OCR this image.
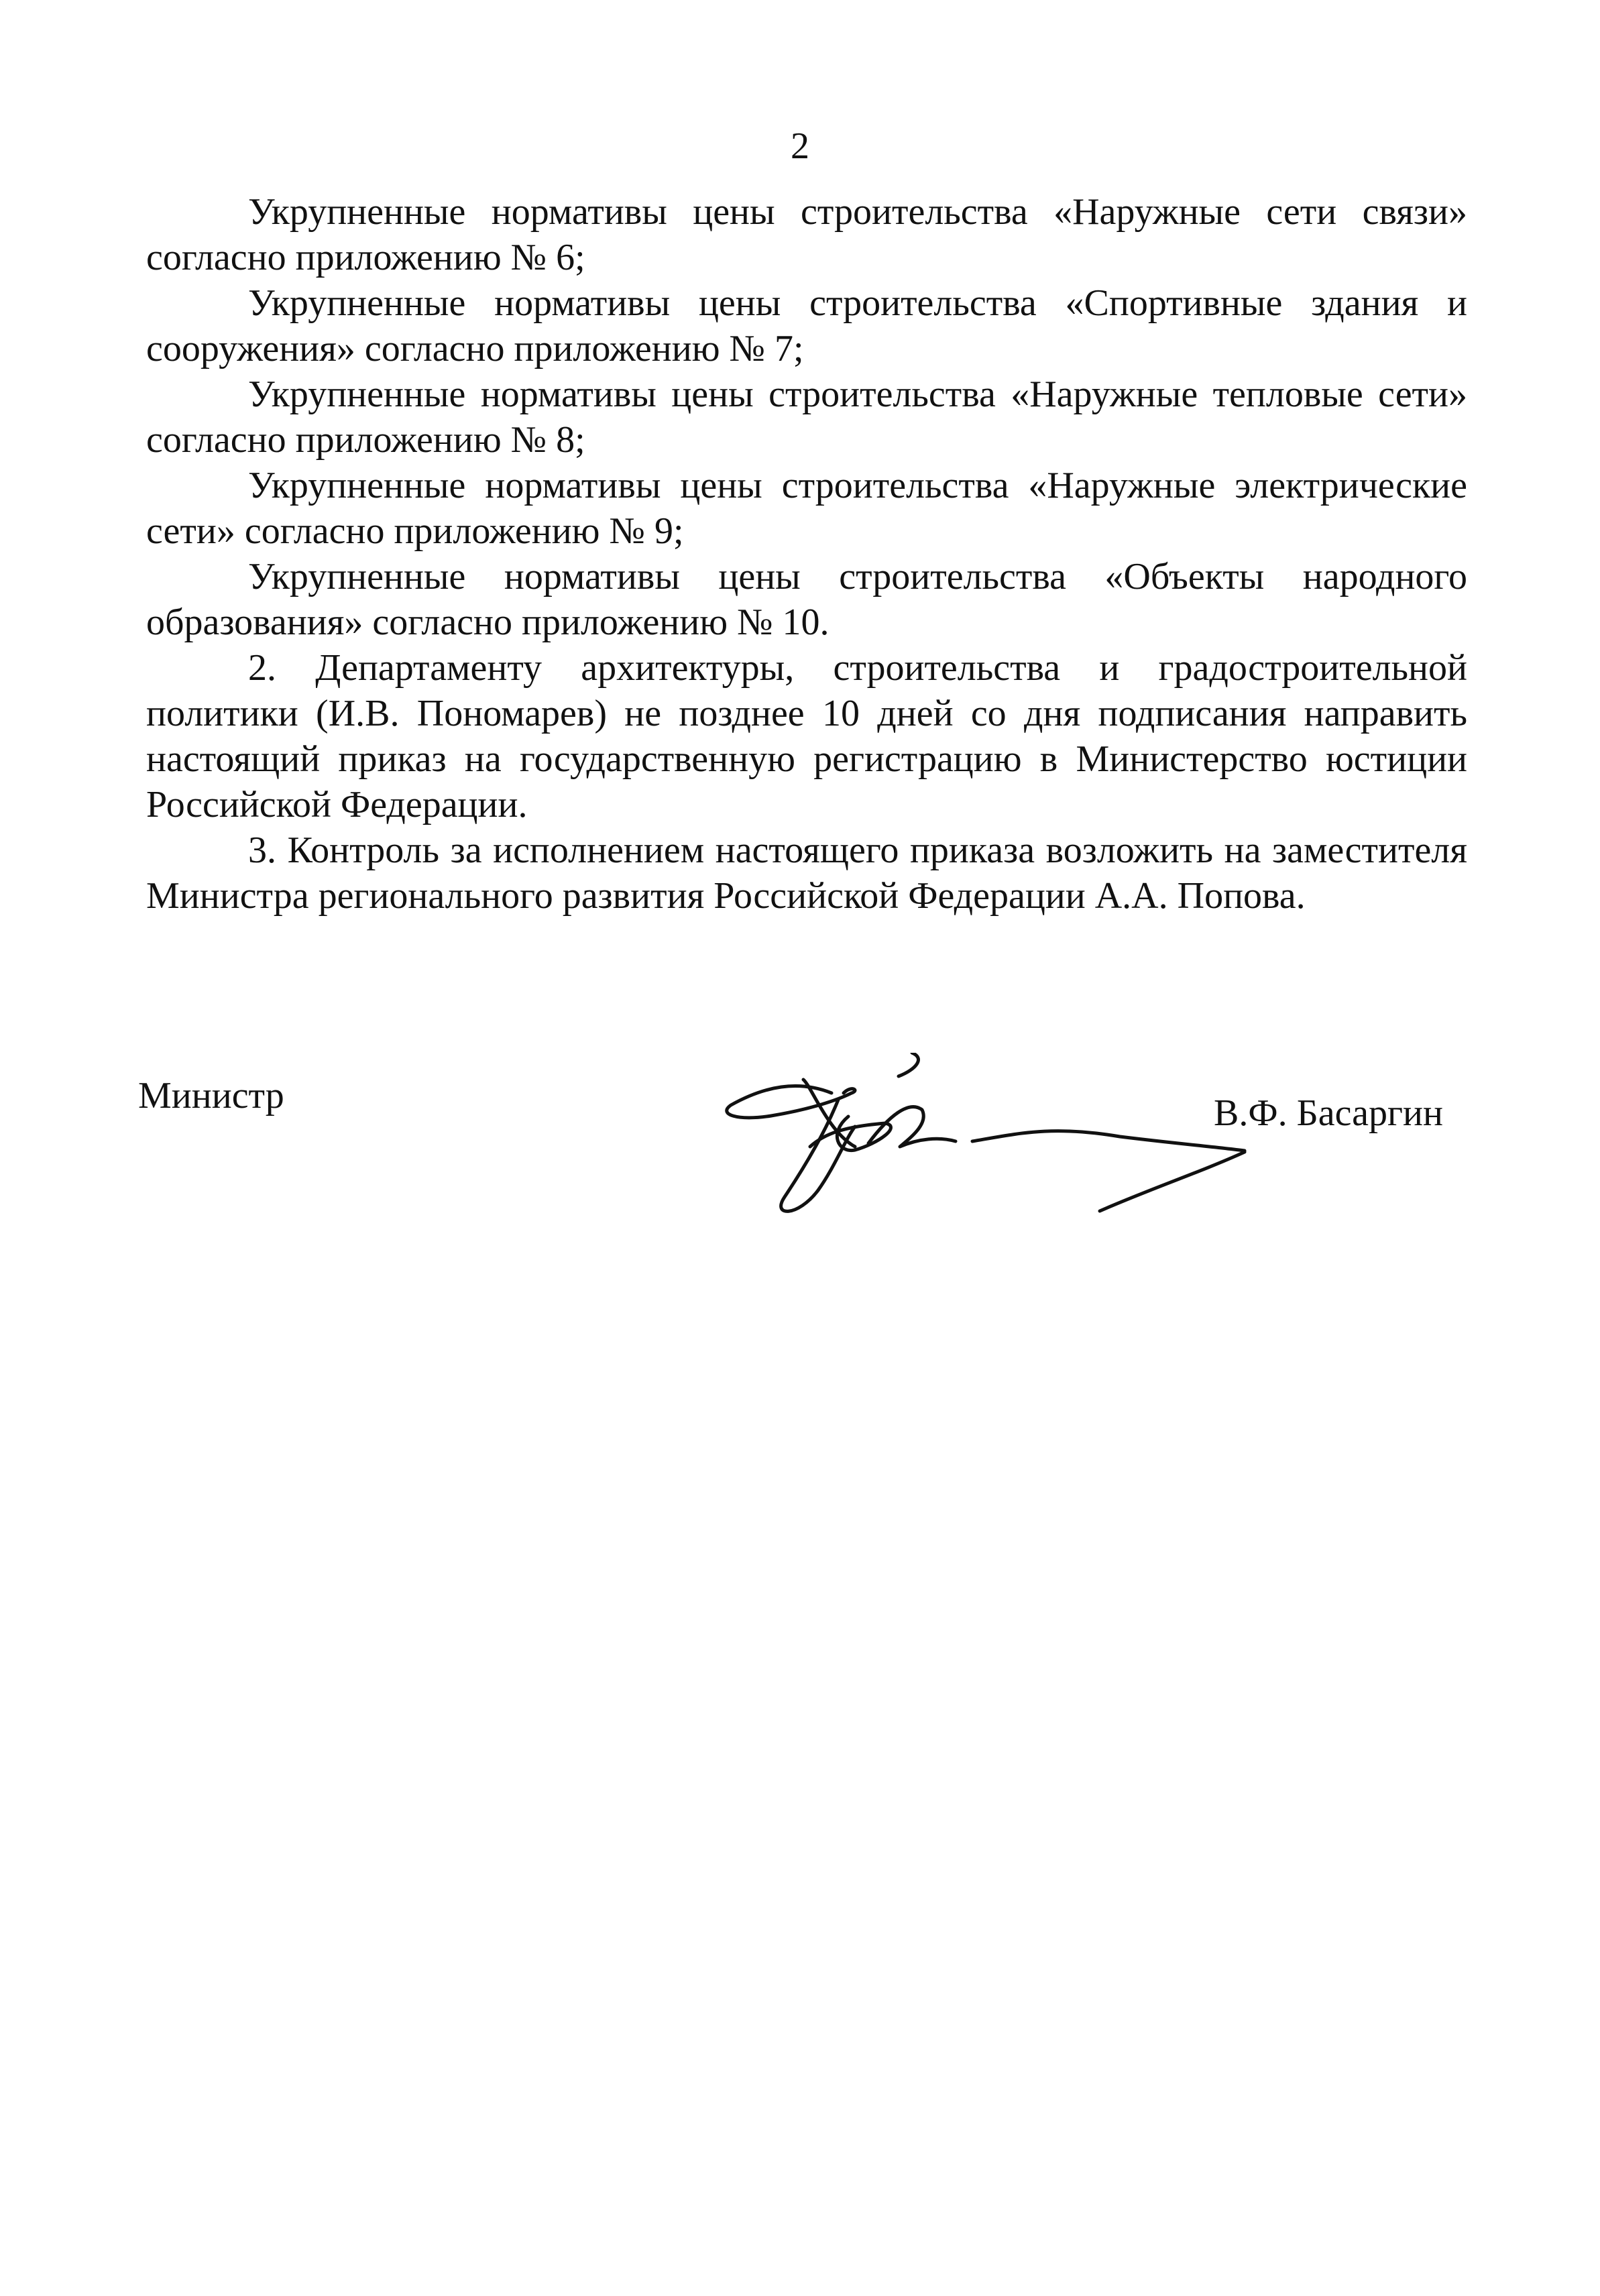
2

Укрупненные нормативы цены строительства «Наружные сети связи» согласно приложению № 6;

Укрупненные нормативы цены строительства «Спортивные здания и сооружения» согласно приложению № 7;

Укрупненные нормативы цены строительства «Наружные тепловые сети» согласно приложению № 8;

Укрупненные нормативы цены строительства «Наружные электрические сети» согласно приложению № 9;

Укрупненные нормативы цены строительства «Объекты народного образования» согласно приложению № 10.

2. Департаменту архитектуры, строительства и градостроительной политики (И.В. Пономарев) не позднее 10 дней со дня подписания направить настоящий приказ на государственную регистрацию в Министерство юстиции Российской Федерации.

3. Контроль за исполнением настоящего приказа возложить на заместителя Министра регионального развития Российской Федерации А.А. Попова.

Министр	В.Ф. Басаргин
